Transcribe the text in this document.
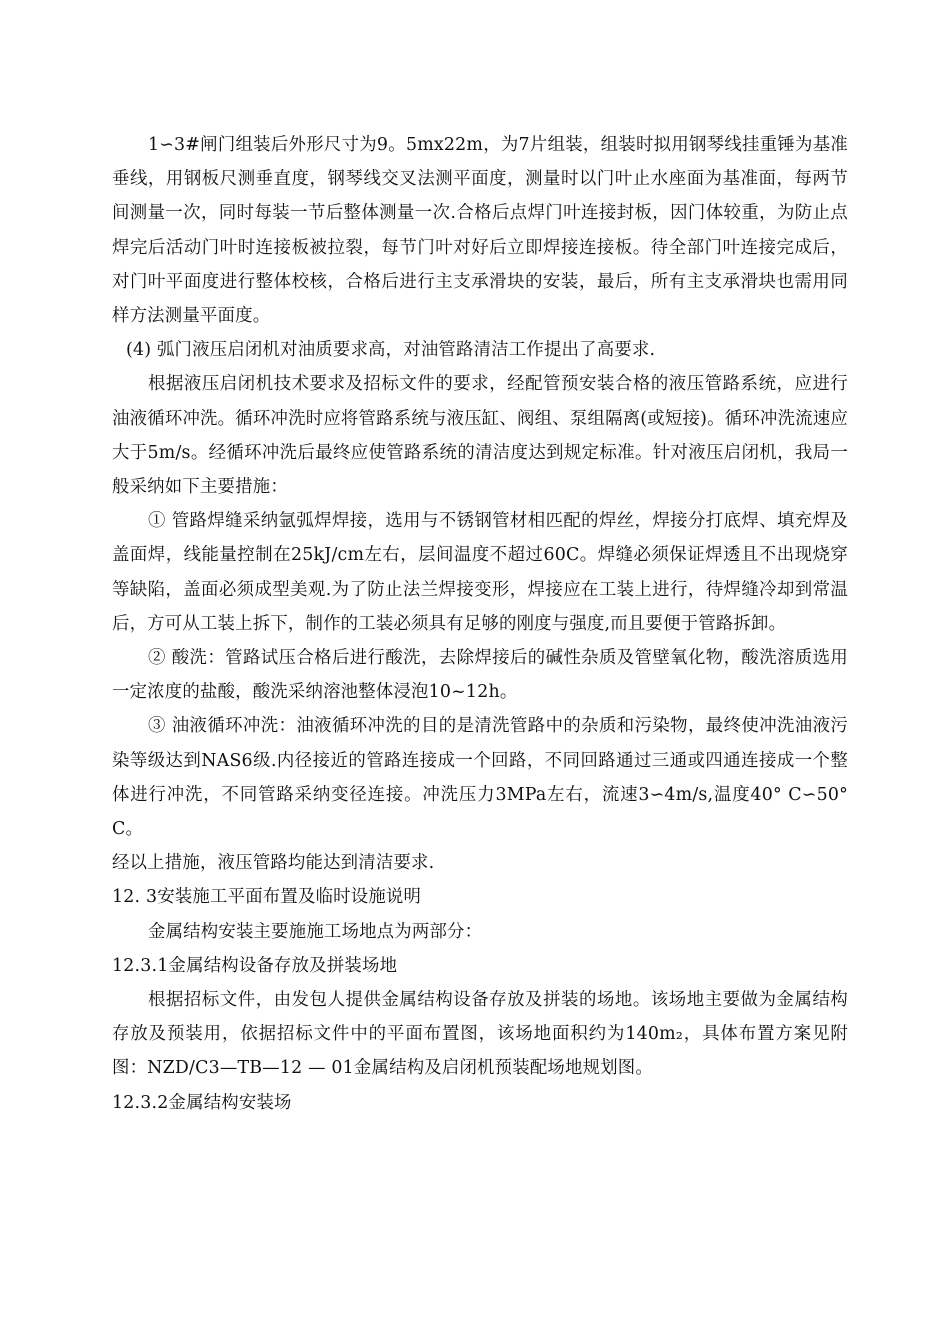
1∽3#闸门组装后外形尺寸为9。5mx22m，为7片组装，组装时拟用钢琴线挂重锤为基准垂线，用钢板尺测垂直度，钢琴线交叉法测平面度，测量时以门叶止水座面为基准面，每两节间测量一次，同时每装一节后整体测量一次.合格后点焊门叶连接封板，因门体较重，为防止点焊完后活动门叶时连接板被拉裂，每节门叶对好后立即焊接连接板。待全部门叶连接完成后，对门叶平面度进行整体校核，合格后进行主支承滑块的安装，最后，所有主支承滑块也需用同样方法测量平面度。

(4) 弧门液压启闭机对油质要求高，对油管路清洁工作提出了高要求.

根据液压启闭机技术要求及招标文件的要求，经配管预安装合格的液压管路系统，应进行油液循环冲洗。循环冲洗时应将管路系统与液压缸、阀组、泵组隔离(或短接)。循环冲洗流速应大于5m/s。经循环冲洗后最终应使管路系统的清洁度达到规定标准。针对液压启闭机，我局一般采纳如下主要措施：

① 管路焊缝采纳氩弧焊焊接，选用与不锈钢管材相匹配的焊丝，焊接分打底焊、填充焊及盖面焊，线能量控制在25kJ/cm左右，层间温度不超过60C。焊缝必须保证焊透且不出现烧穿等缺陷，盖面必须成型美观.为了防止法兰焊接变形，焊接应在工装上进行，待焊缝冷却到常温后，方可从工装上拆下，制作的工装必须具有足够的刚度与强度,而且要便于管路拆卸。

② 酸洗：管路试压合格后进行酸洗，去除焊接后的碱性杂质及管壁氧化物，酸洗溶质选用一定浓度的盐酸，酸洗采纳溶池整体浸泡10~12h。

③ 油液循环冲洗：油液循环冲洗的目的是清洗管路中的杂质和污染物，最终使冲洗油液污染等级达到NAS6级.内径接近的管路连接成一个回路，不同回路通过三通或四通连接成一个整体进行冲洗，不同管路采纳变径连接。冲洗压力3MPa左右，流速3∽4m/s,温度40° C∽50° C。

经以上措施，液压管路均能达到清洁要求.

12. 3安装施工平面布置及临时设施说明

金属结构安装主要施施工场地点为两部分：

12.3.1金属结构设备存放及拼装场地

根据招标文件，由发包人提供金属结构设备存放及拼装的场地。该场地主要做为金属结构存放及预装用，依据招标文件中的平面布置图，该场地面积约为140m₂，具体布置方案见附图：NZD/C3—TB—12 — 01金属结构及启闭机预装配场地规划图。

12.3.2金属结构安装场
